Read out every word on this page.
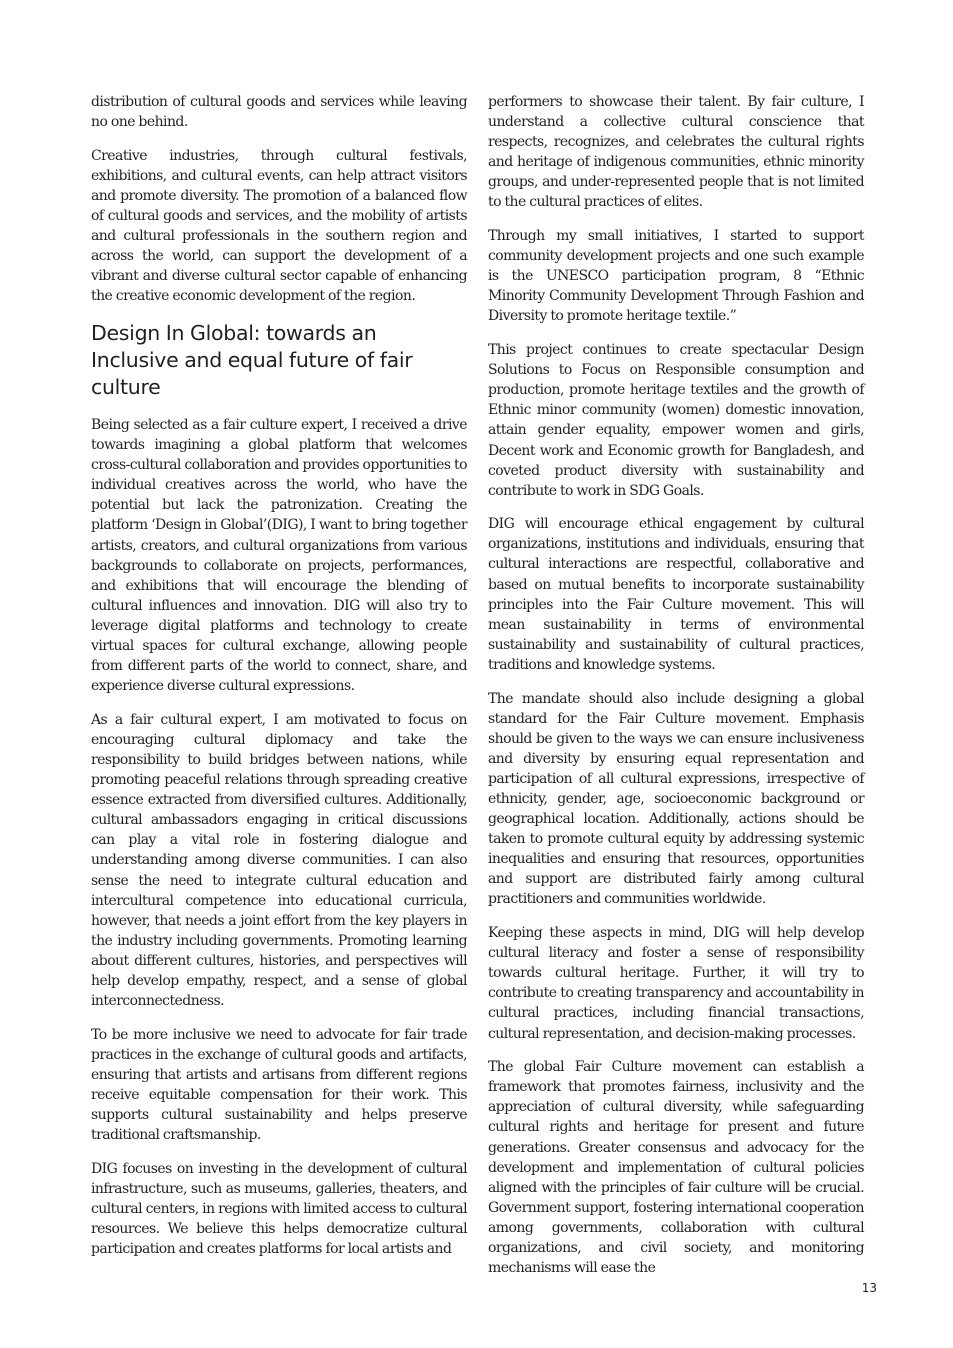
distribution of cultural goods and services while leaving no one behind.

Creative industries, through cultural festivals, exhibitions, and cultural events, can help attract visitors and promote diversity. The promotion of a balanced flow of cultural goods and services, and the mobility of artists and cultural professionals in the southern region and across the world, can support the development of a vibrant and diverse cultural sector capable of enhancing the creative economic development of the region.

Design In Global: towards an Inclusive and equal future of fair culture

Being selected as a fair culture expert, I received a drive towards imagining a global platform that welcomes cross-cultural collaboration and provides opportunities to individual creatives across the world, who have the potential but lack the patronization. Creating the platform ‘Design in Global’(DIG), I want to bring together artists, creators, and cultural organizations from various backgrounds to collaborate on projects, performances, and exhibitions that will encourage the blending of cultural influences and innovation. DIG will also try to leverage digital platforms and technology to create virtual spaces for cultural exchange, allowing people from different parts of the world to connect, share, and experience diverse cultural expressions.

As a fair cultural expert, I am motivated to focus on encouraging cultural diplomacy and take the responsibility to build bridges between nations, while promoting peaceful relations through spreading creative essence extracted from diversified cultures. Additionally, cultural ambassadors engaging in critical discussions can play a vital role in fostering dialogue and understanding among diverse communities. I can also sense the need to integrate cultural education and intercultural competence into educational curricula, however, that needs a joint effort from the key players in the industry including governments. Promoting learning about different cultures, histories, and perspectives will help develop empathy, respect, and a sense of global interconnectedness.

To be more inclusive we need to advocate for fair trade practices in the exchange of cultural goods and artifacts, ensuring that artists and artisans from different regions receive equitable compensation for their work. This supports cultural sustainability and helps preserve traditional craftsmanship.

DIG focuses on investing in the development of cultural infrastructure, such as museums, galleries, theaters, and cultural centers, in regions with limited access to cultural resources. We believe this helps democratize cultural participation and creates platforms for local artists and

performers to showcase their talent. By fair culture, I understand a collective cultural conscience that respects, recognizes, and celebrates the cultural rights and heritage of indigenous communities, ethnic minority groups, and under-represented people that is not limited to the cultural practices of elites.

Through my small initiatives, I started to support community development projects and one such example is the UNESCO participation program, 8 “Ethnic Minority Community Development Through Fashion and Diversity to promote heritage textile.”

This project continues to create spectacular Design Solutions to Focus on Responsible consumption and production, promote heritage textiles and the growth of Ethnic minor community (women) domestic innovation, attain gender equality, empower women and girls, Decent work and Economic growth for Bangladesh, and coveted product diversity with sustainability and contribute to work in SDG Goals.

DIG will encourage ethical engagement by cultural organizations, institutions and individuals, ensuring that cultural interactions are respectful, collaborative and based on mutual benefits to incorporate sustainability principles into the Fair Culture movement. This will mean sustainability in terms of environmental sustainability and sustainability of cultural practices, traditions and knowledge systems.

The mandate should also include designing a global standard for the Fair Culture movement. Emphasis should be given to the ways we can ensure inclusiveness and diversity by ensuring equal representation and participation of all cultural expressions, irrespective of ethnicity, gender, age, socioeconomic background or geographical location. Additionally, actions should be taken to promote cultural equity by addressing systemic inequalities and ensuring that resources, opportunities and support are distributed fairly among cultural practitioners and communities worldwide.

Keeping these aspects in mind, DIG will help develop cultural literacy and foster a sense of responsibility towards cultural heritage. Further, it will try to contribute to creating transparency and accountability in cultural practices, including financial transactions, cultural representation, and decision-making processes.

The global Fair Culture movement can establish a framework that promotes fairness, inclusivity and the appreciation of cultural diversity, while safeguarding cultural rights and heritage for present and future generations. Greater consensus and advocacy for the development and implementation of cultural policies aligned with the principles of fair culture will be crucial. Government support, fostering international cooperation among governments, collaboration with cultural organizations, and civil society, and monitoring mechanisms will ease the

13
